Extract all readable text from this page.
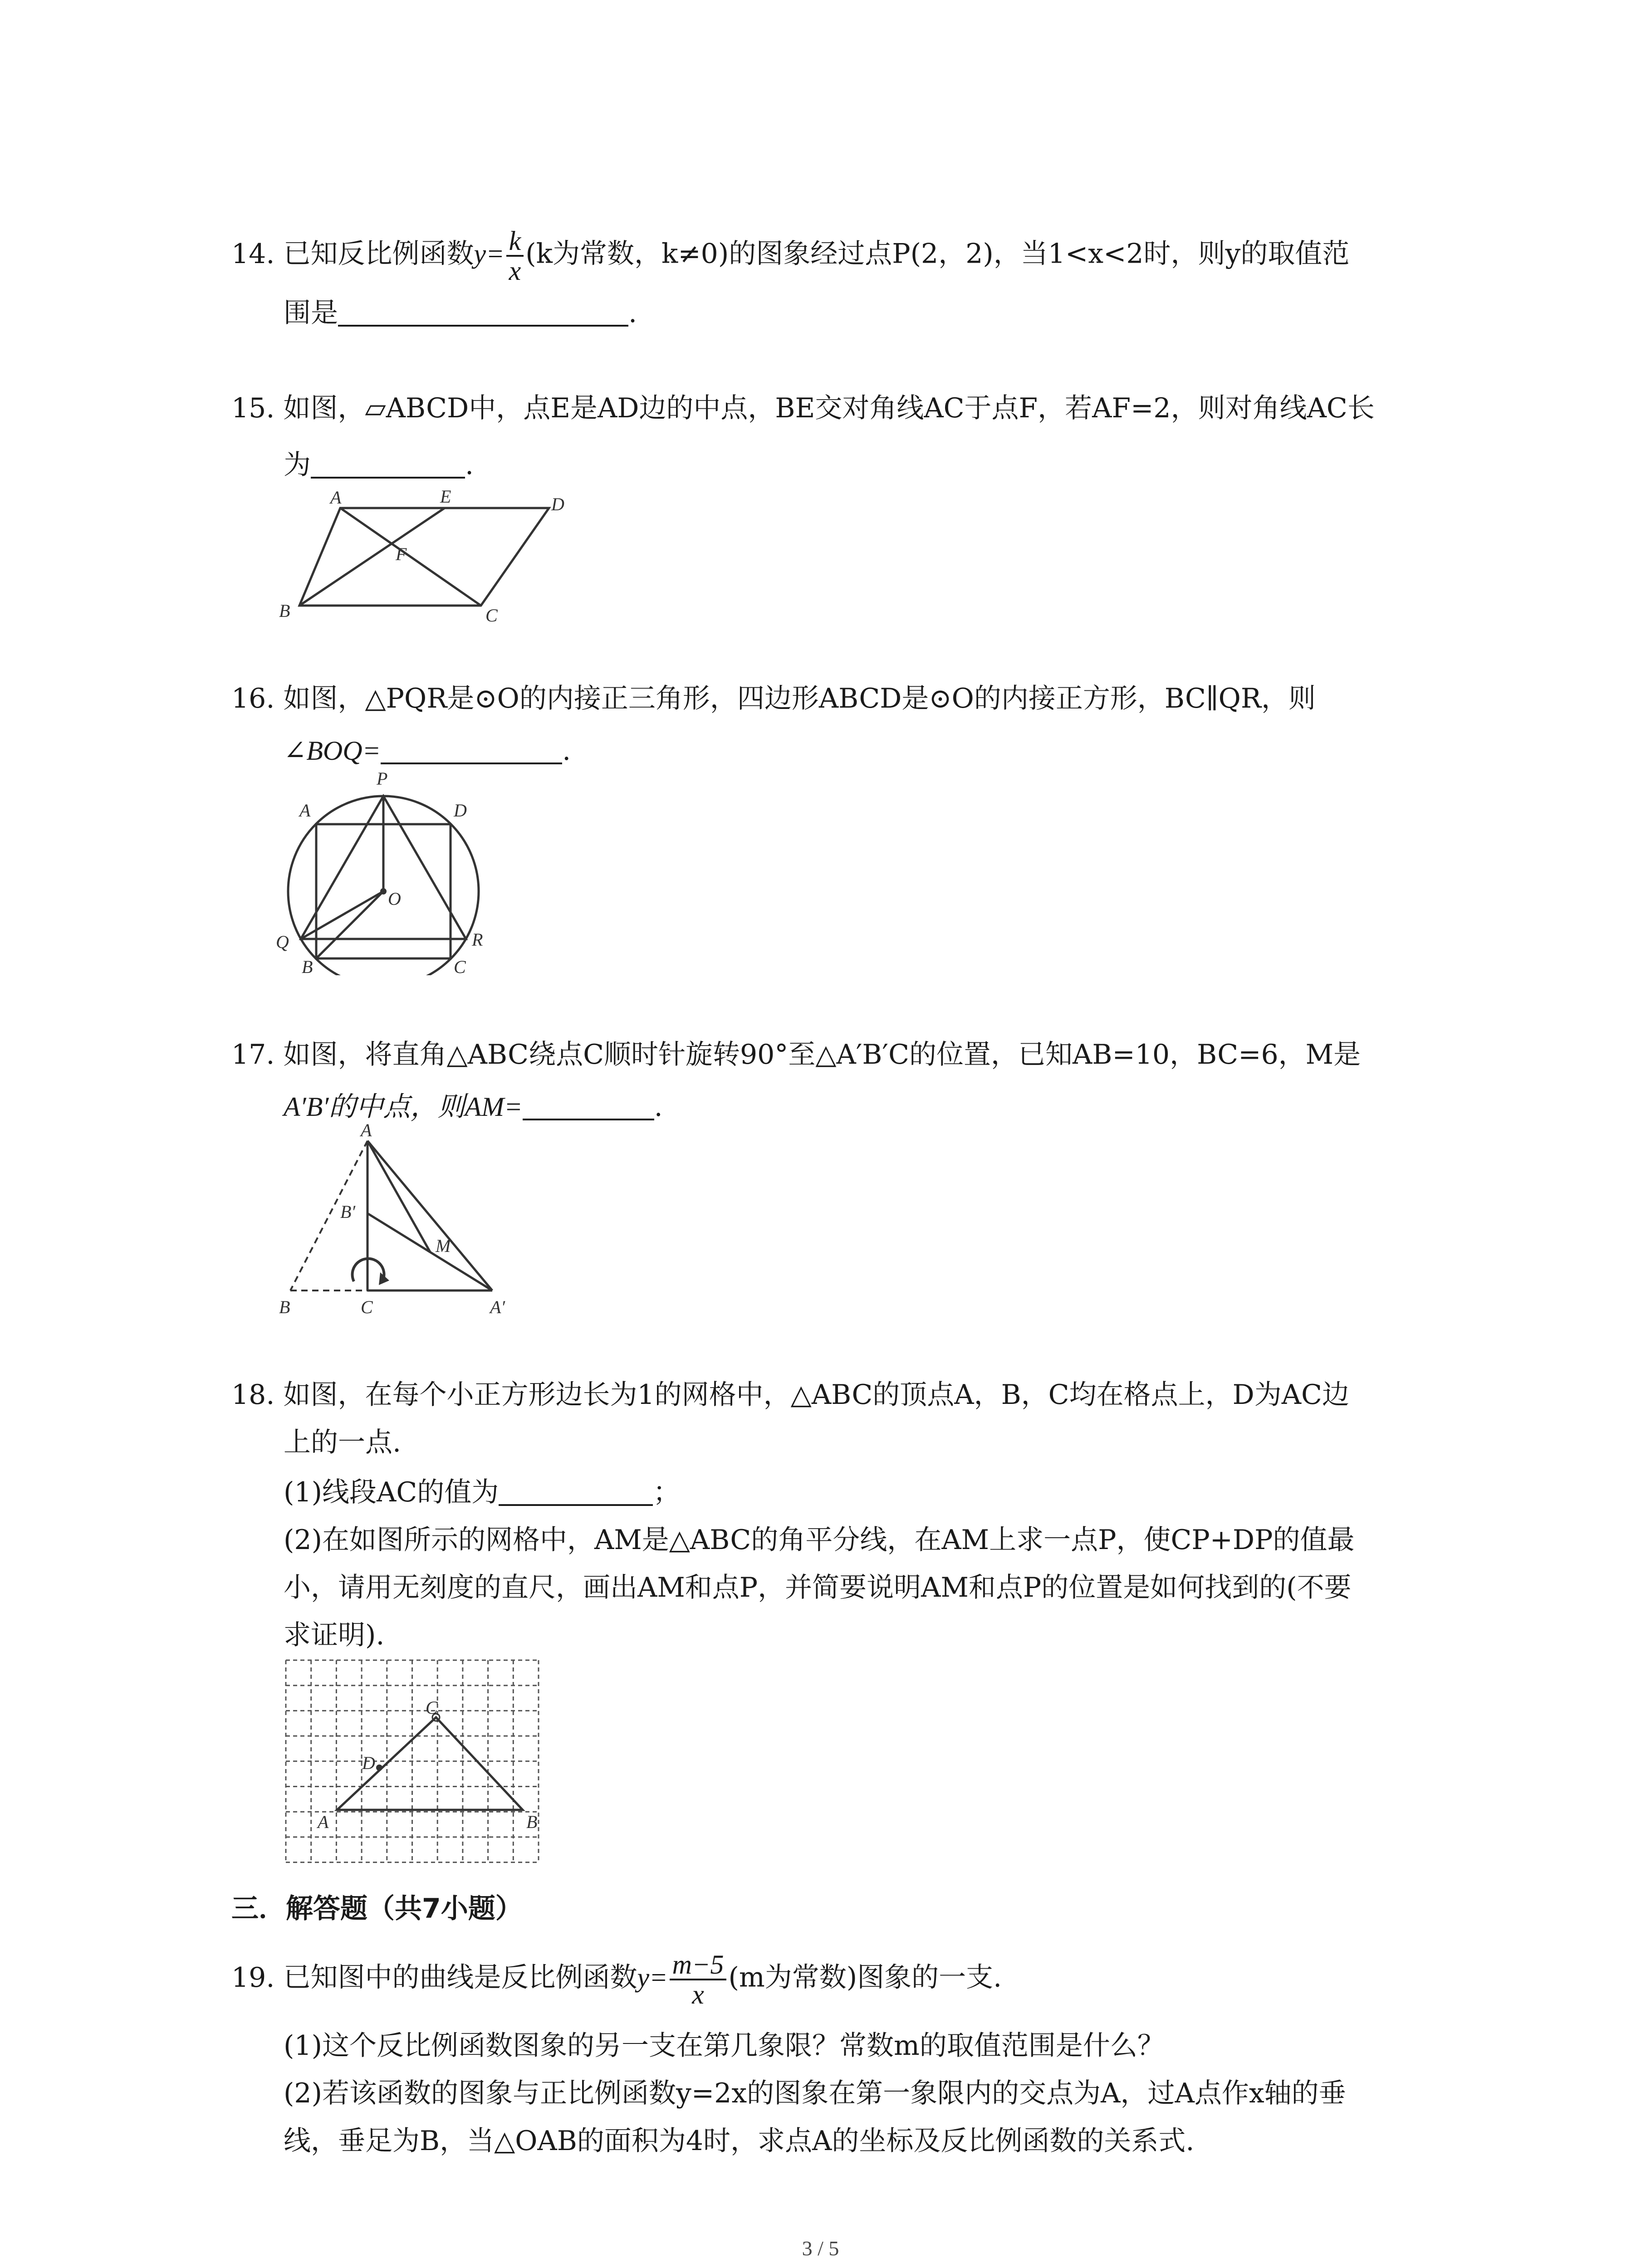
14. 已知反比例函数$y= \frac{k}{x} (k$为常数，k≠0)的图象经过点P(2，2)，当1<x<2时，则y的取值范
围是	.
15. 如图，▱ABCD中，点E是AD边的中点，BE交对角线AC于点F，若AF=2，则对角线AC长
为	.
A	E	D
F
B	C
16. 如图，△PQR是⊙O的内接正三角形，四边形ABCD是⊙O的内接正方形，BC∥QR，则
∠BOQ=	.
P
A	D
O
Q	R
B	C
17. 如图，将直角△ABC绕点C顺时针旋转90°至△A′B′C的位置，已知AB=10，BC=6，M是
A′B′的中点，则AM=	.
A
B′
M
B	C	A′
18. 如图，在每个小正方形边长为1的网格中，△ABC的顶点A，B，C均在格点上，D为AC边
上的一点.
(1)线段AC的值为	；
(2)在如图所示的网格中，AM是△ABC的角平分线，在AM上求一点P，使CP+DP的值最
小，请用无刻度的直尺，画出AM和点P，并简要说明AM和点P的位置是如何找到的(不要
求证明).
C
D
A	B
三．解答题（共7小题）
19. 已知图中的曲线是反比例函数$y= \frac{m-5}{x} (m$为常数)图象的一支.
(1)这个反比例函数图象的另一支在第几象限？常数m的取值范围是什么？
(2)若该函数的图象与正比例函数y=2x的图象在第一象限内的交点为A，过A点作x轴的垂
线，垂足为B，当△OAB的面积为4时，求点A的坐标及反比例函数的关系式.
3 / 5
